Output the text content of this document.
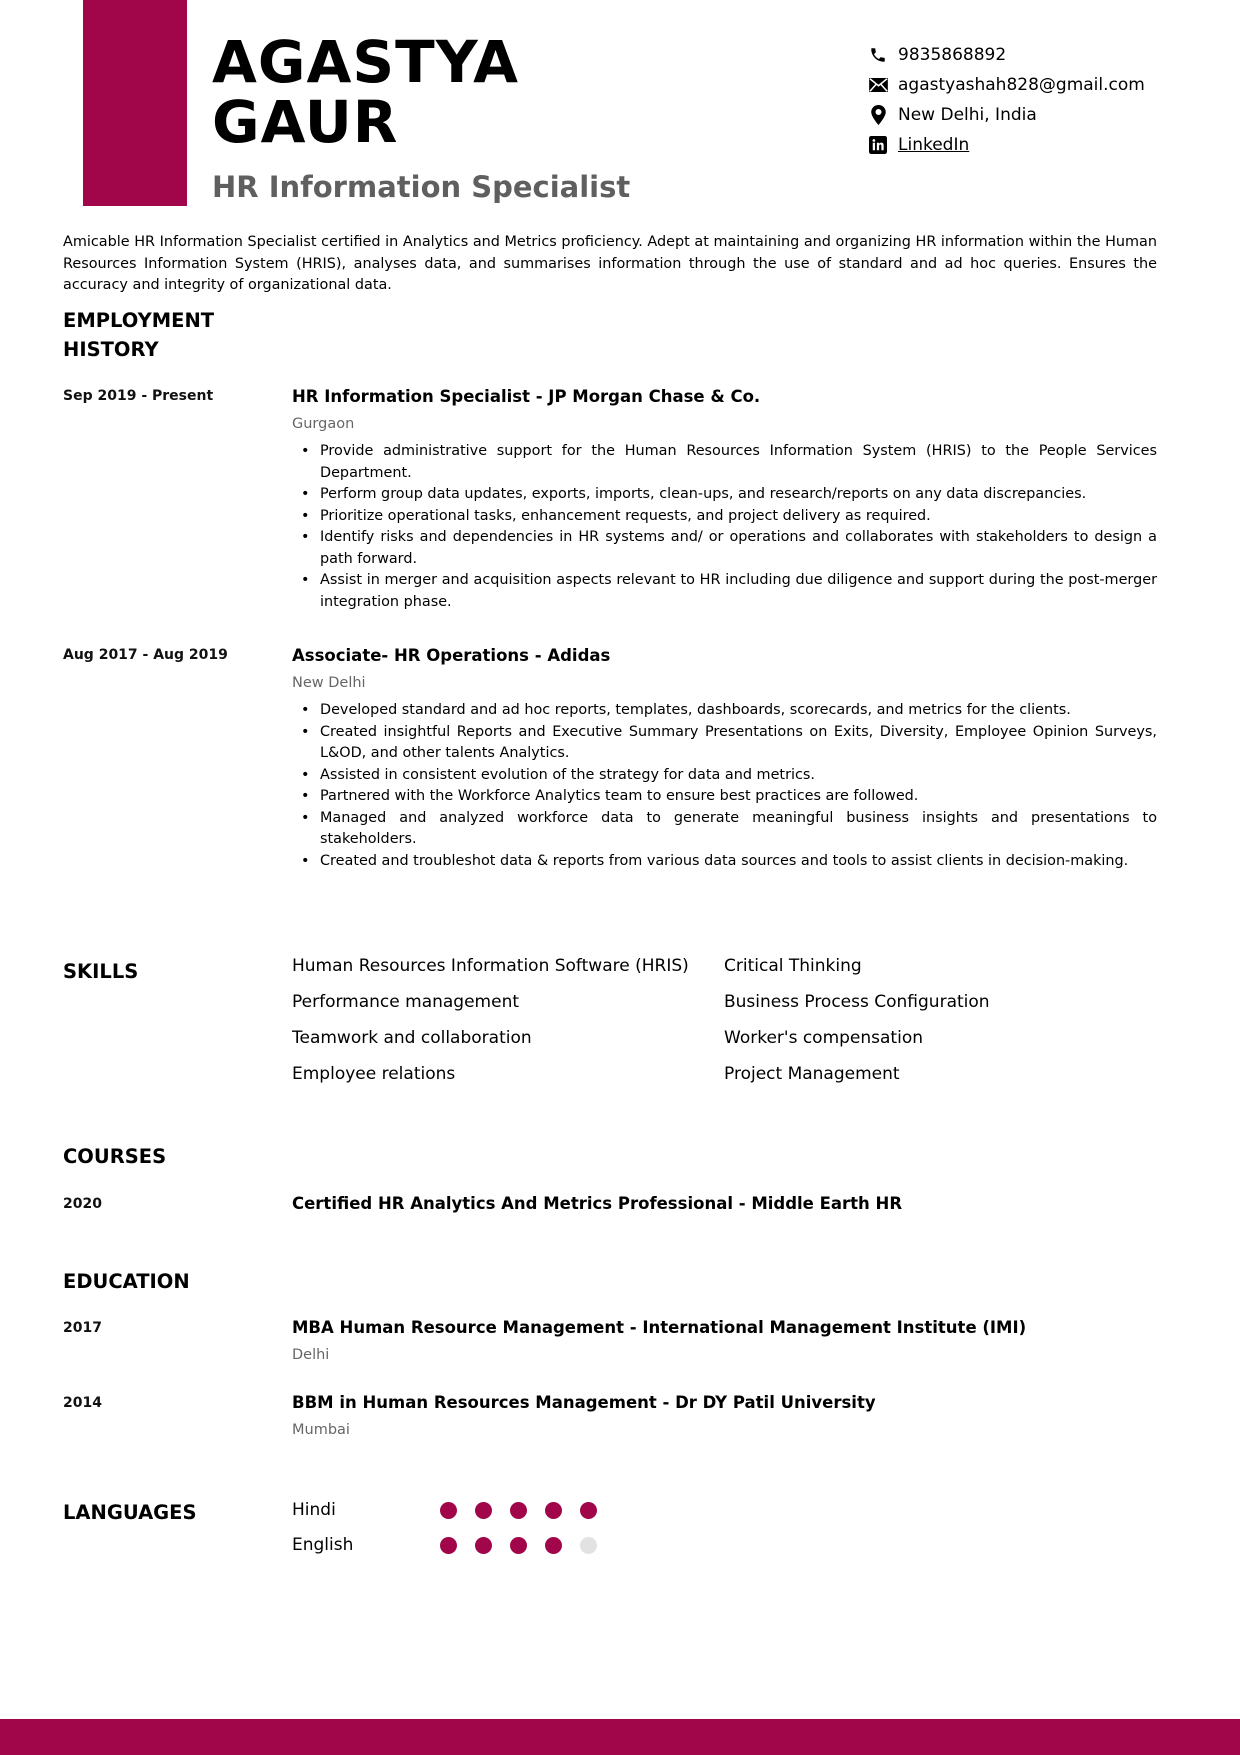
AGASTYA
GAUR
HR Information Specialist
9835868892
agastyashah828@gmail.com
New Delhi, India
LinkedIn

Amicable HR Information Specialist certified in Analytics and Metrics proficiency. Adept at maintaining and organizing HR information within the Human Resources Information System (HRIS), analyses data, and summarises information through the use of standard and ad hoc queries. Ensures the accuracy and integrity of organizational data.

EMPLOYMENT
HISTORY
Sep 2019 - Present	HR Information Specialist - JP Morgan Chase & Co.
Gurgaon
• Provide administrative support for the Human Resources Information System (HRIS) to the People Services Department.
• Perform group data updates, exports, imports, clean-ups, and research/reports on any data discrepancies.
• Prioritize operational tasks, enhancement requests, and project delivery as required.
• Identify risks and dependencies in HR systems and/ or operations and collaborates with stakeholders to design a path forward.
• Assist in merger and acquisition aspects relevant to HR including due diligence and support during the post-merger integration phase.
Aug 2017 - Aug 2019	Associate- HR Operations - Adidas
New Delhi
• Developed standard and ad hoc reports, templates, dashboards, scorecards, and metrics for the clients.
• Created insightful Reports and Executive Summary Presentations on Exits, Diversity, Employee Opinion Surveys, L&OD, and other talents Analytics.
• Assisted in consistent evolution of the strategy for data and metrics.
• Partnered with the Workforce Analytics team to ensure best practices are followed.
• Managed and analyzed workforce data to generate meaningful business insights and presentations to stakeholders.
• Created and troubleshot data & reports from various data sources and tools to assist clients in decision-making.
SKILLS	Human Resources Information Software (HRIS)	Critical Thinking
Performance management	Business Process Configuration
Teamwork and collaboration	Worker's compensation
Employee relations	Project Management
COURSES
2020	Certified HR Analytics And Metrics Professional - Middle Earth HR
EDUCATION
2017	MBA Human Resource Management - International Management Institute (IMI)
Delhi
2014	BBM in Human Resources Management - Dr DY Patil University
Mumbai
LANGUAGES	Hindi
English
